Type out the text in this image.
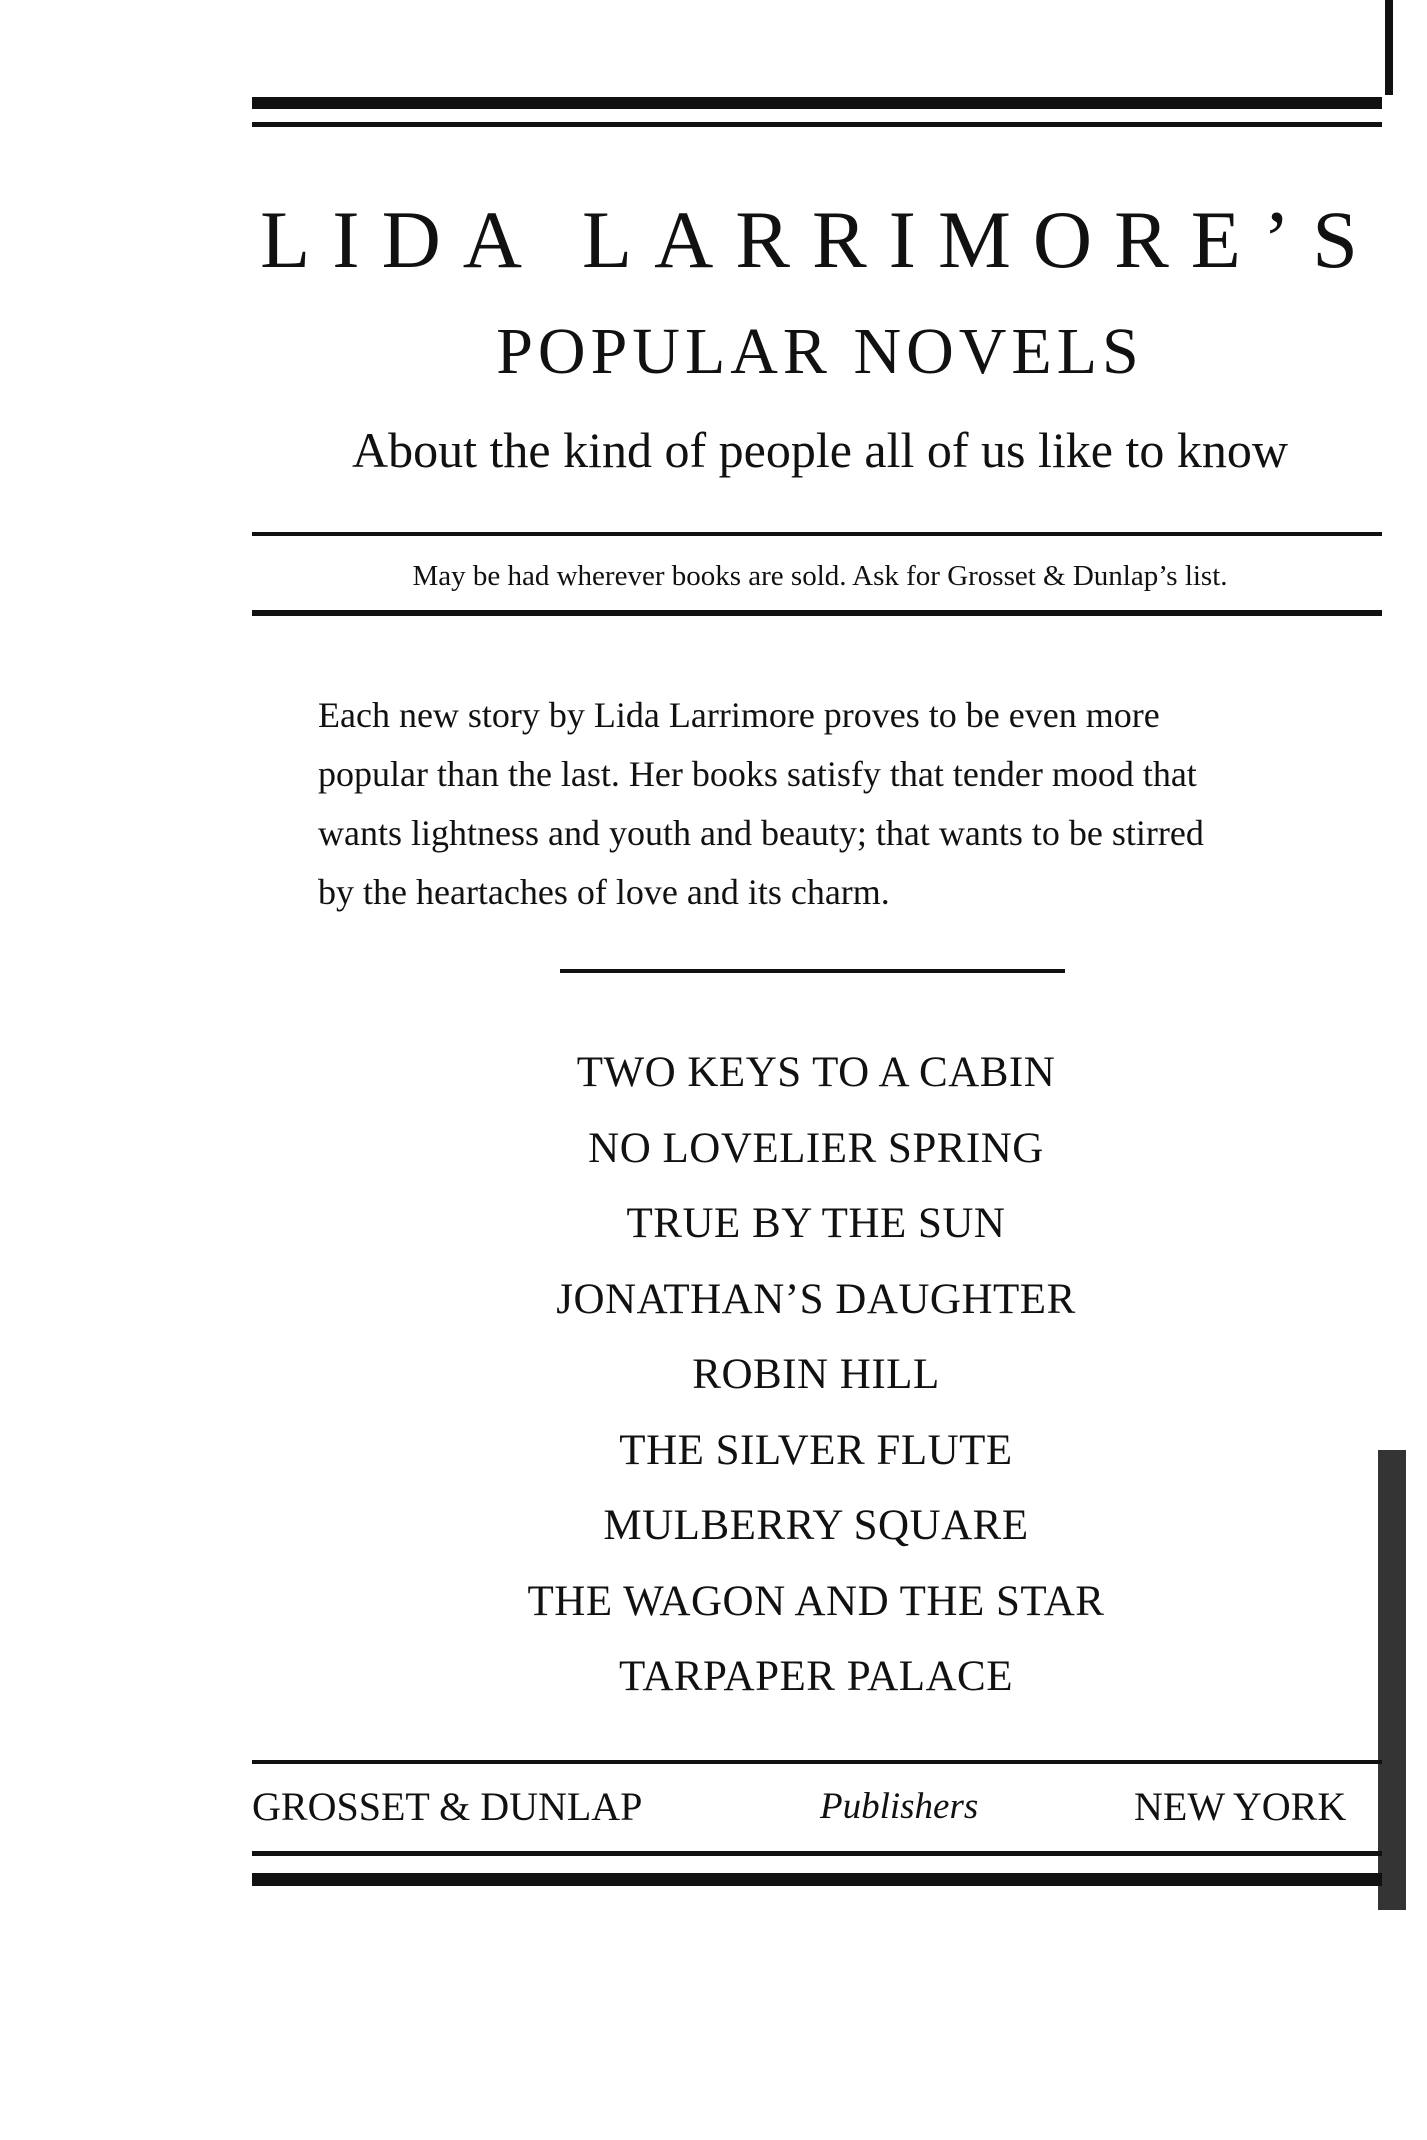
LIDA LARRIMORE’S
POPULAR NOVELS
About the kind of people all of us like to know
May be had wherever books are sold. Ask for Grosset & Dunlap’s list.
Each new story by Lida Larrimore proves to be even more
popular than the last. Her books satisfy that tender mood that
wants lightness and youth and beauty; that wants to be stirred
by the heartaches of love and its charm.
TWO KEYS TO A CABIN
NO LOVELIER SPRING
TRUE BY THE SUN
JONATHAN’S DAUGHTER
ROBIN HILL
THE SILVER FLUTE
MULBERRY SQUARE
THE WAGON AND THE STAR
TARPAPER PALACE
GROSSET & DUNLAP	Publishers	NEW YORK
